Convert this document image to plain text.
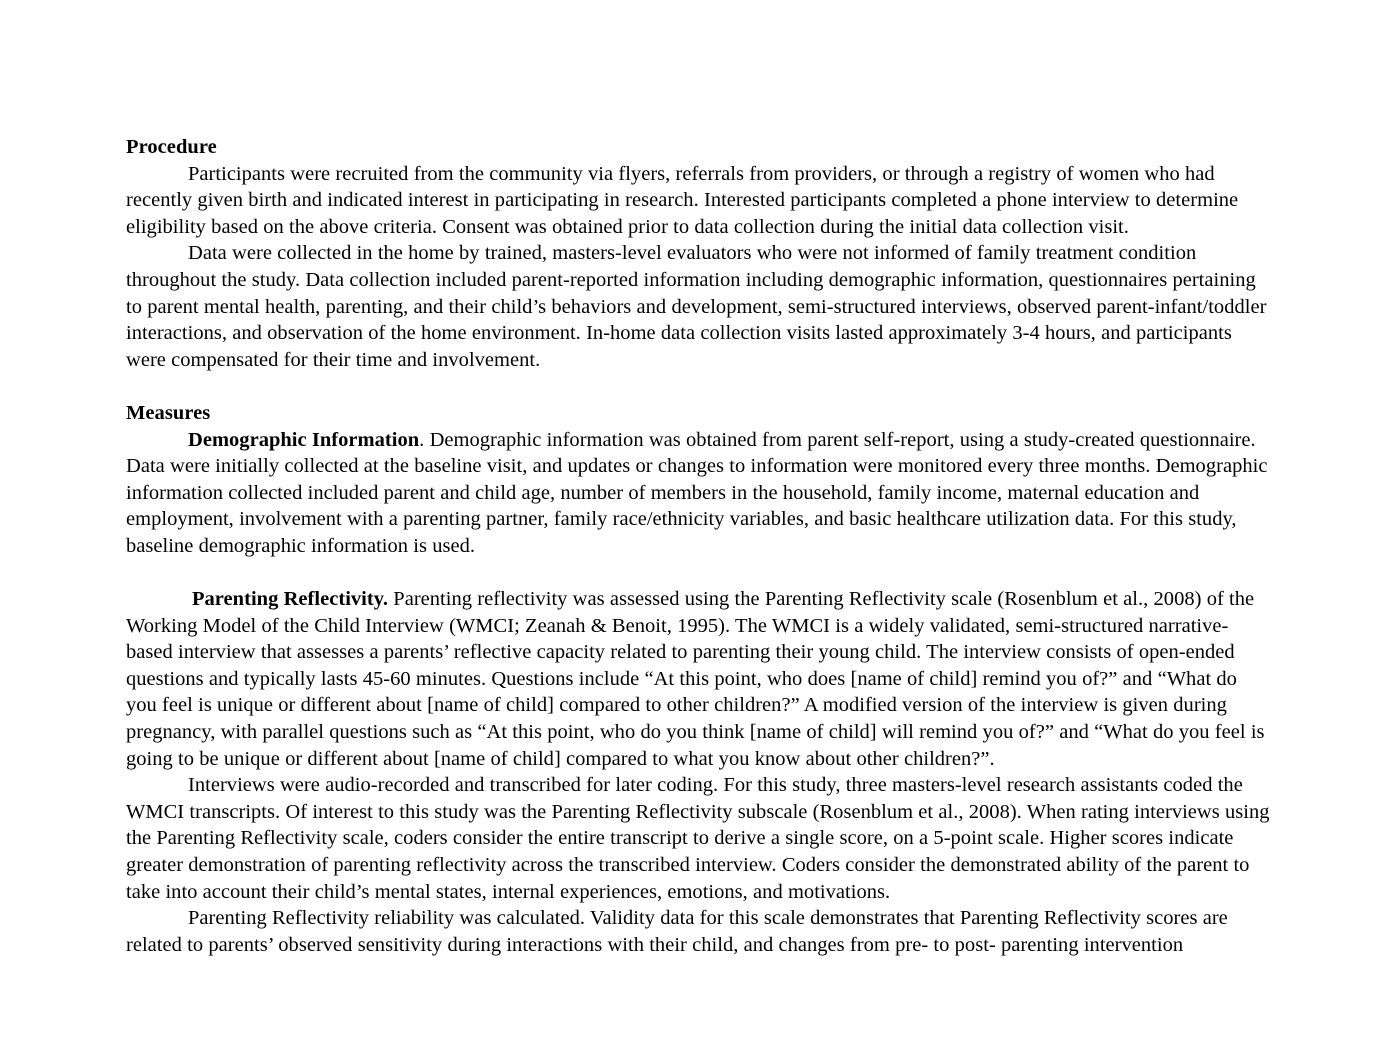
Procedure

Participants were recruited from the community via flyers, referrals from providers, or through a registry of women who had recently given birth and indicated interest in participating in research. Interested participants completed a phone interview to determine eligibility based on the above criteria. Consent was obtained prior to data collection during the initial data collection visit.

Data were collected in the home by trained, masters-level evaluators who were not informed of family treatment condition throughout the study. Data collection included parent-reported information including demographic information, questionnaires pertaining to parent mental health, parenting, and their child’s behaviors and development, semi-structured interviews, observed parent-infant/toddler interactions, and observation of the home environment. In-home data collection visits lasted approximately 3-4 hours, and participants were compensated for their time and involvement.

Measures

Demographic Information. Demographic information was obtained from parent self-report, using a study-created questionnaire. Data were initially collected at the baseline visit, and updates or changes to information were monitored every three months. Demographic information collected included parent and child age, number of members in the household, family income, maternal education and employment, involvement with a parenting partner, family race/ethnicity variables, and basic healthcare utilization data. For this study, baseline demographic information is used.

Parenting Reflectivity. Parenting reflectivity was assessed using the Parenting Reflectivity scale (Rosenblum et al., 2008) of the Working Model of the Child Interview (WMCI; Zeanah & Benoit, 1995). The WMCI is a widely validated, semi-structured narrative-based interview that assesses a parents’ reflective capacity related to parenting their young child. The interview consists of open-ended questions and typically lasts 45-60 minutes. Questions include “At this point, who does [name of child] remind you of?” and “What do you feel is unique or different about [name of child] compared to other children?” A modified version of the interview is given during pregnancy, with parallel questions such as “At this point, who do you think [name of child] will remind you of?” and “What do you feel is going to be unique or different about [name of child] compared to what you know about other children?”.

Interviews were audio-recorded and transcribed for later coding. For this study, three masters-level research assistants coded the WMCI transcripts. Of interest to this study was the Parenting Reflectivity subscale (Rosenblum et al., 2008). When rating interviews using the Parenting Reflectivity scale, coders consider the entire transcript to derive a single score, on a 5-point scale. Higher scores indicate greater demonstration of parenting reflectivity across the transcribed interview. Coders consider the demonstrated ability of the parent to take into account their child’s mental states, internal experiences, emotions, and motivations.

Parenting Reflectivity reliability was calculated. Validity data for this scale demonstrates that Parenting Reflectivity scores are related to parents’ observed sensitivity during interactions with their child, and changes from pre- to post- parenting intervention
